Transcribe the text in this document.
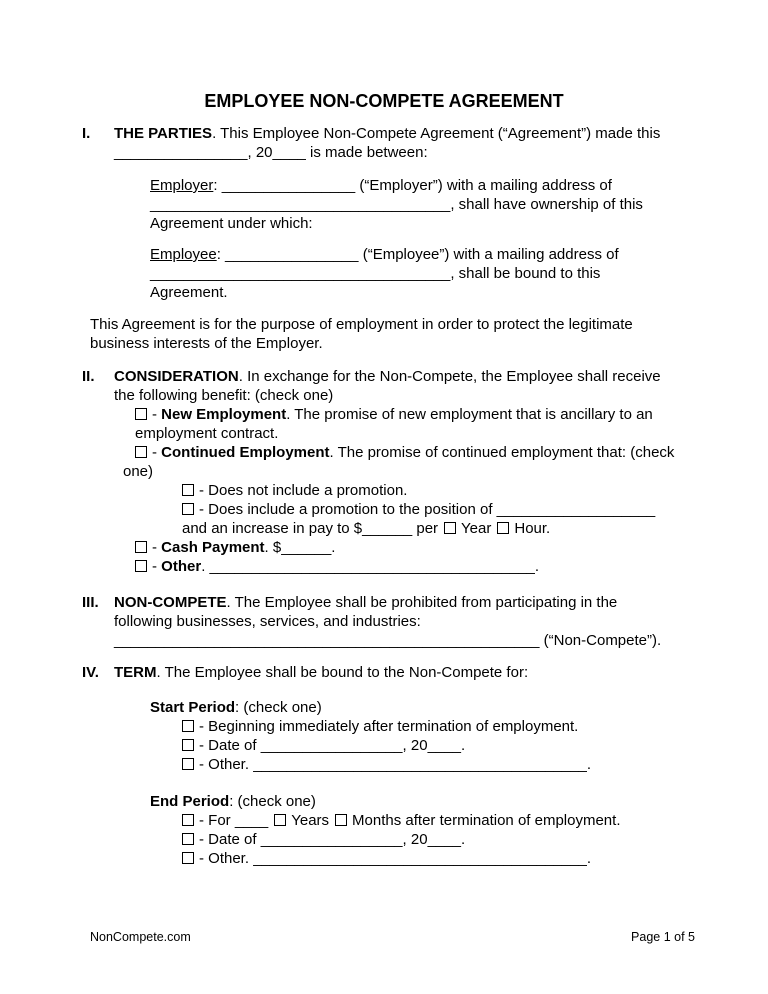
EMPLOYEE NON-COMPETE AGREEMENT
I. THE PARTIES. This Employee Non-Compete Agreement (“Agreement”) made this
________________, 20____ is made between:
Employer: ________________ (“Employer”) with a mailing address of
____________________________________, shall have ownership of this
Agreement under which:
Employee: ________________ (“Employee”) with a mailing address of
____________________________________, shall be bound to this
Agreement.
This Agreement is for the purpose of employment in order to protect the legitimate
business interests of the Employer.
II. CONSIDERATION. In exchange for the Non-Compete, the Employee shall receive
the following benefit: (check one)
- New Employment. The promise of new employment that is ancillary to an
employment contract.
- Continued Employment. The promise of continued employment that: (check
one)
- Does not include a promotion.
- Does include a promotion to the position of ___________________
and an increase in pay to $______ per Year Hour.
- Cash Payment. $______.
- Other. _______________________________________.
III. NON-COMPETE. The Employee shall be prohibited from participating in the
following businesses, services, and industries:
___________________________________________________ (“Non-Compete”).
IV. TERM. The Employee shall be bound to the Non-Compete for:
Start Period: (check one)
- Beginning immediately after termination of employment.
- Date of _________________, 20____.
- Other. ________________________________________.
End Period: (check one)
- For ____ Years Months after termination of employment.
- Date of _________________, 20____.
- Other. ________________________________________.
NonCompete.com	Page 1 of 5
